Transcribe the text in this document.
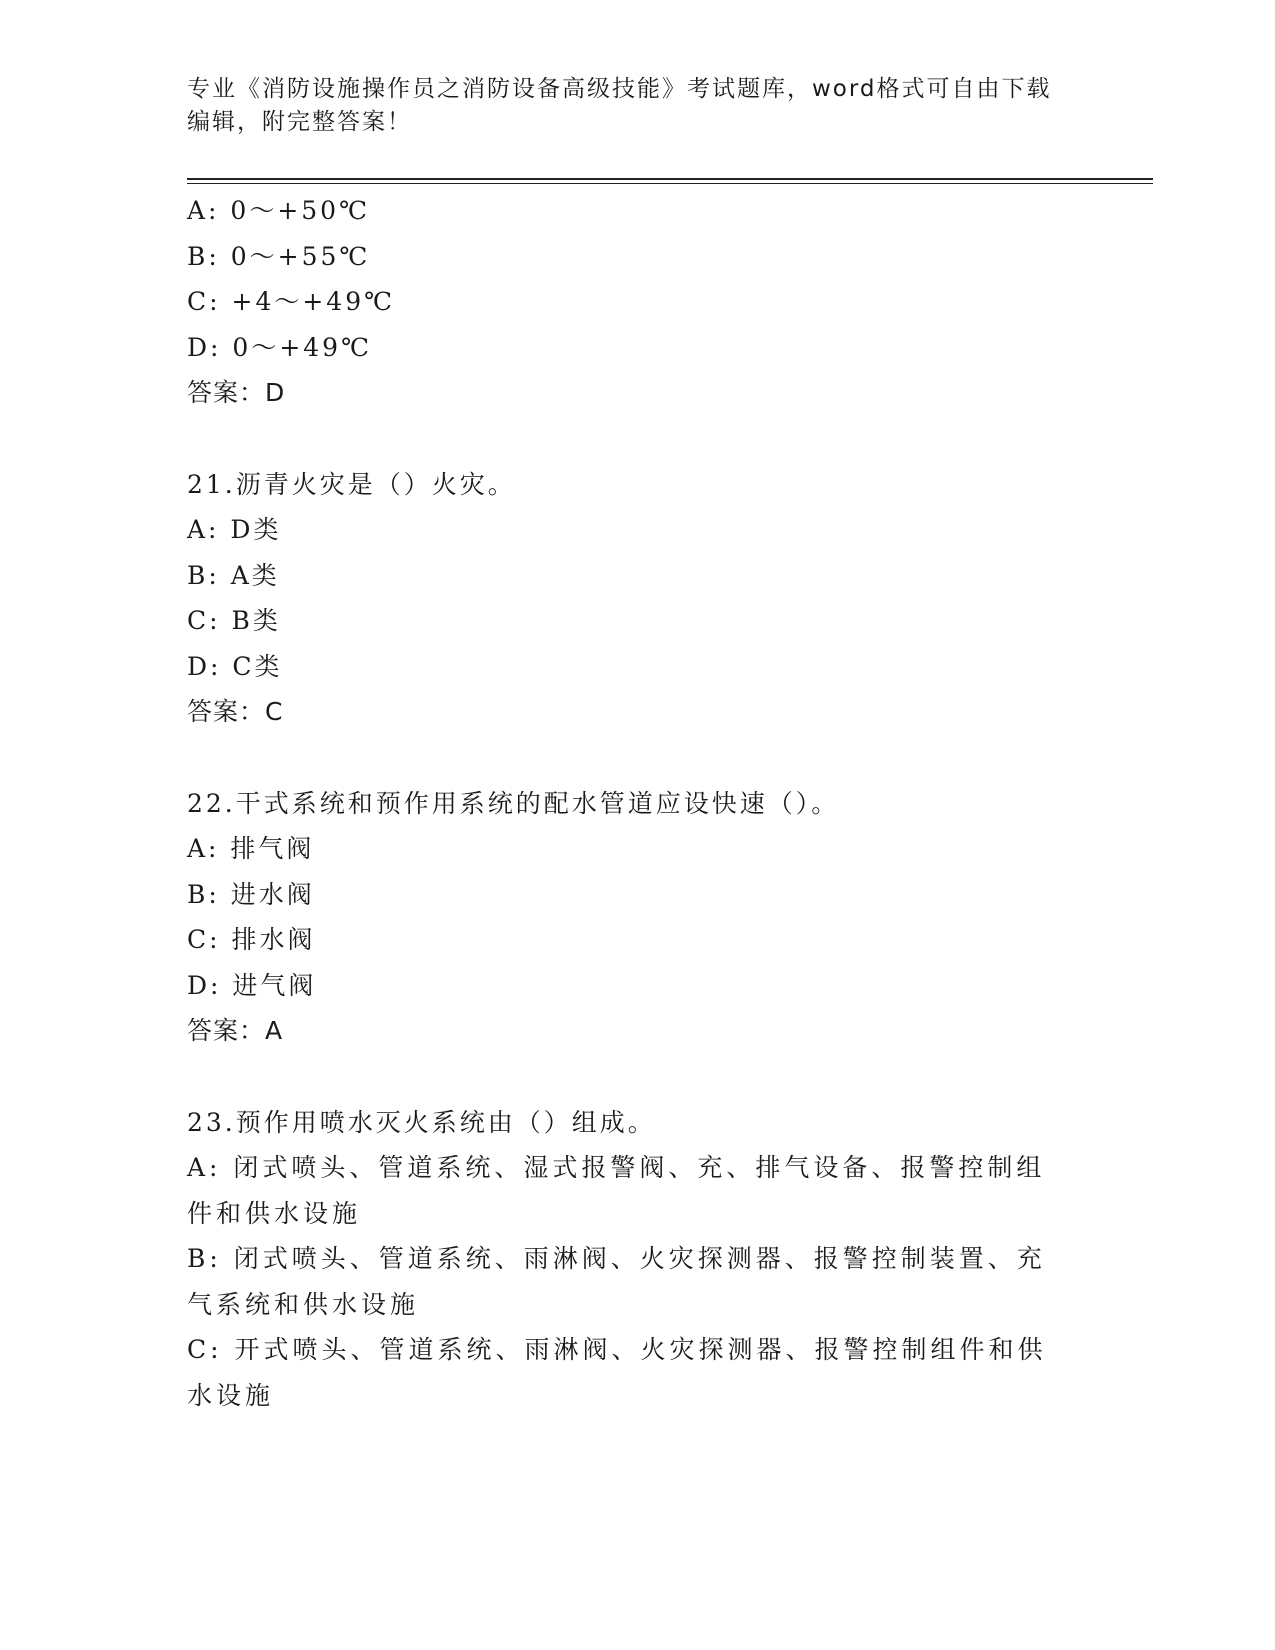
专业《消防设施操作员之消防设备高级技能》考试题库，word格式可自由下载编辑，附完整答案！
A: 0～+50℃
B: 0～+55℃
C: +4～+49℃
D: 0～+49℃
答案：D
21.沥青火灾是（）火灾。
A: D类
B: A类
C: B类
D: C类
答案：C
22.干式系统和预作用系统的配水管道应设快速（）。
A: 排气阀
B: 进水阀
C: 排水阀
D: 进气阀
答案：A
23.预作用喷水灭火系统由（）组成。
A: 闭式喷头、管道系统、湿式报警阀、充、排气设备、报警控制组件和供水设施
B: 闭式喷头、管道系统、雨淋阀、火灾探测器、报警控制装置、充气系统和供水设施
C: 开式喷头、管道系统、雨淋阀、火灾探测器、报警控制组件和供水设施
